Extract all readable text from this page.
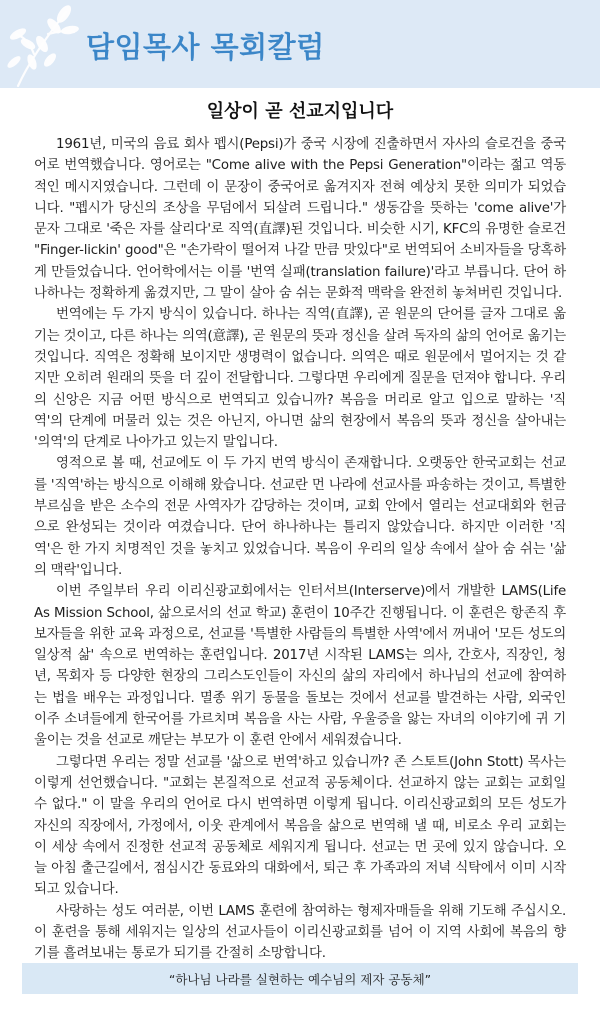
담임목사 목회칼럼
일상이 곧 선교지입니다

1961년, 미국의 음료 회사 펩시(Pepsi)가 중국 시장에 진출하면서 자사의 슬로건을 중국어로 번역했습니다. 영어로는 "Come alive with the Pepsi Generation"이라는 젊고 역동적인 메시지였습니다. 그런데 이 문장이 중국어로 옮겨지자 전혀 예상치 못한 의미가 되었습니다. "펩시가 당신의 조상을 무덤에서 되살려 드립니다." 생동감을 뜻하는 'come alive'가 문자 그대로 '죽은 자를 살리다'로 직역(直譯)된 것입니다. 비슷한 시기, KFC의 유명한 슬로건 "Finger-lickin' good"은 "손가락이 떨어져 나갈 만큼 맛있다"로 번역되어 소비자들을 당혹하게 만들었습니다. 언어학에서는 이를 '번역 실패(translation failure)'라고 부릅니다. 단어 하나하나는 정확하게 옮겼지만, 그 말이 살아 숨 쉬는 문화적 맥락을 완전히 놓쳐버린 것입니다.

번역에는 두 가지 방식이 있습니다. 하나는 직역(直譯), 곧 원문의 단어를 글자 그대로 옮기는 것이고, 다른 하나는 의역(意譯), 곧 원문의 뜻과 정신을 살려 독자의 삶의 언어로 옮기는 것입니다. 직역은 정확해 보이지만 생명력이 없습니다. 의역은 때로 원문에서 멀어지는 것 같지만 오히려 원래의 뜻을 더 깊이 전달합니다. 그렇다면 우리에게 질문을 던져야 합니다. 우리의 신앙은 지금 어떤 방식으로 번역되고 있습니까? 복음을 머리로 알고 입으로 말하는 '직역'의 단계에 머물러 있는 것은 아닌지, 아니면 삶의 현장에서 복음의 뜻과 정신을 살아내는 '의역'의 단계로 나아가고 있는지 말입니다.

영적으로 볼 때, 선교에도 이 두 가지 번역 방식이 존재합니다. 오랫동안 한국교회는 선교를 '직역'하는 방식으로 이해해 왔습니다. 선교란 먼 나라에 선교사를 파송하는 것이고, 특별한 부르심을 받은 소수의 전문 사역자가 감당하는 것이며, 교회 안에서 열리는 선교대회와 헌금으로 완성되는 것이라 여겼습니다. 단어 하나하나는 틀리지 않았습니다. 하지만 이러한 '직역'은 한 가지 치명적인 것을 놓치고 있었습니다. 복음이 우리의 일상 속에서 살아 숨 쉬는 '삶의 맥락'입니다.

이번 주일부터 우리 이리신광교회에서는 인터서브(Interserve)에서 개발한 LAMS(Life As Mission School, 삶으로서의 선교 학교) 훈련이 10주간 진행됩니다. 이 훈련은 항존직 후보자들을 위한 교육 과정으로, 선교를 '특별한 사람들의 특별한 사역'에서 꺼내어 '모든 성도의 일상적 삶' 속으로 번역하는 훈련입니다. 2017년 시작된 LAMS는 의사, 간호사, 직장인, 청년, 목회자 등 다양한 현장의 그리스도인들이 자신의 삶의 자리에서 하나님의 선교에 참여하는 법을 배우는 과정입니다. 멸종 위기 동물을 돌보는 것에서 선교를 발견하는 사람, 외국인 이주 소녀들에게 한국어를 가르치며 복음을 사는 사람, 우울증을 앓는 자녀의 이야기에 귀 기울이는 것을 선교로 깨닫는 부모가 이 훈련 안에서 세워졌습니다.

그렇다면 우리는 정말 선교를 '삶으로 번역'하고 있습니까? 존 스토트(John Stott) 목사는 이렇게 선언했습니다. "교회는 본질적으로 선교적 공동체이다. 선교하지 않는 교회는 교회일 수 없다." 이 말을 우리의 언어로 다시 번역하면 이렇게 됩니다. 이리신광교회의 모든 성도가 자신의 직장에서, 가정에서, 이웃 관계에서 복음을 삶으로 번역해 낼 때, 비로소 우리 교회는 이 세상 속에서 진정한 선교적 공동체로 세워지게 됩니다. 선교는 먼 곳에 있지 않습니다. 오늘 아침 출근길에서, 점심시간 동료와의 대화에서, 퇴근 후 가족과의 저녁 식탁에서 이미 시작되고 있습니다.

사랑하는 성도 여러분, 이번 LAMS 훈련에 참여하는 형제자매들을 위해 기도해 주십시오. 이 훈련을 통해 세워지는 일상의 선교사들이 이리신광교회를 넘어 이 지역 사회에 복음의 향기를 흘려보내는 통로가 되기를 간절히 소망합니다.

“하나님 나라를 실현하는 예수님의 제자 공동체”
